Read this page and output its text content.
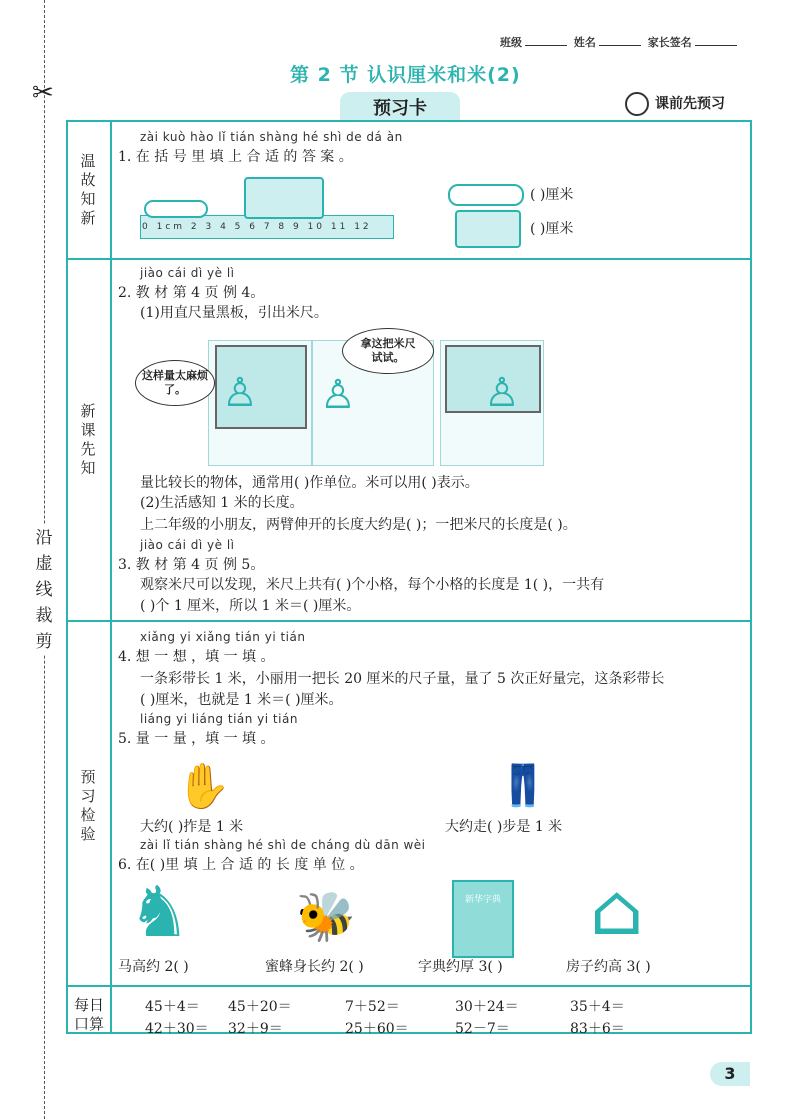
✂
沿虚线裁剪
班级	姓名	家长签名
第 2 节 认识厘米和米(2)
预习卡	课前先预习
温故知新
新课先知
预习检验
每日口算
zài kuò hào lǐ tián shàng hé shì de dá àn
1. 在 括 号 里 填 上 合 适 的 答 案 。
0 1cm 2 3 4 5 6 7 8 9 10 11 12
( )厘米
( )厘米
jiào cái dì yè lì
2. 教 材 第 4 页 例 4。
(1)用直尺量黑板，引出米尺。
♙ ♙	♙
这样量太麻烦了。
拿这把米尺试试。
量比较长的物体，通常用( )作单位。米可以用( )表示。
(2)生活感知 1 米的长度。
上二年级的小朋友，两臂伸开的长度大约是( )；一把米尺的长度是( )。
jiào cái dì yè lì
3. 教 材 第 4 页 例 5。
观察米尺可以发现，米尺上共有( )个小格，每个小格的长度是 1( )，一共有
( )个 1 厘米，所以 1 米＝( )厘米。
xiǎng yi xiǎng tián yi tián
4. 想 一 想 ，填 一 填 。
一条彩带长 1 米，小丽用一把长 20 厘米的尺子量，量了 5 次正好量完，这条彩带长
( )厘米，也就是 1 米＝( )厘米。
liáng yi liáng tián yi tián
5. 量 一 量 ，填 一 填 。
✋	👖
大约( )拃是 1 米	大约走( )步是 1 米
zài lǐ tián shàng hé shì de cháng dù dān wèi
6. 在( )里 填 上 合 适 的 长 度 单 位 。
♞ 🐝	新华字典 ⌂
马高约 2( )	蜜蜂身长约 2( )	字典约厚 3( )	房子约高 3( )
45＋4＝ 45＋20＝	7＋52＝	30＋24＝	35＋4＝
42＋30＝ 32＋9＝	25＋60＝	52－7＝	83＋6＝
3
